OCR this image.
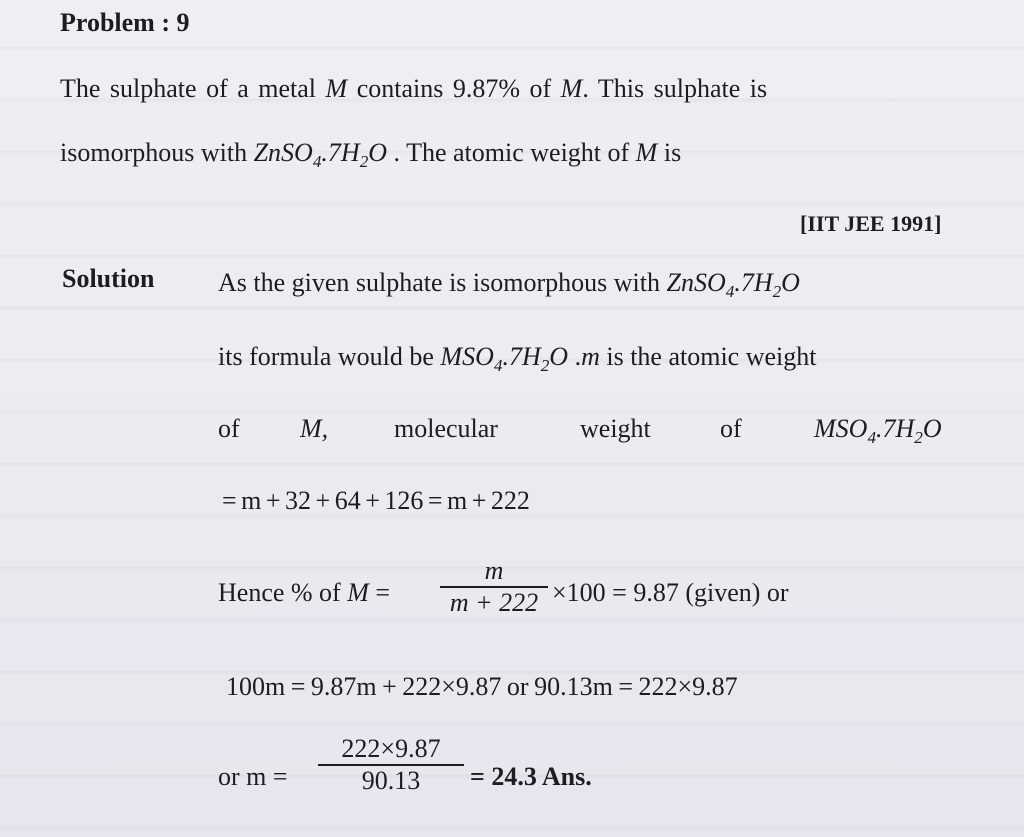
Problem : 9
The sulphate of a metal M contains 9.87% of M. This sulphate is
isomorphous with $ZnSO_4.7H_2O$ . The atomic weight of M is
[IIT JEE 1991]
Solution As the given sulphate is isomorphous with $ZnSO_4.7H_2O$
its formula would be $MSO_4.7H_2O$ .m is the atomic weight
of M,	molecular	weight	of	$MSO_4.7H_2O$
= m + 32 + 64 + 126 = m + 222
Hence % of M =
m
m + 222 ×100 = 9.87 (given) or
100m = 9.87m + 222×9.87 or 90.13m = 222×9.87
or m =
222×9.87
90.13	= 24.3 Ans.
